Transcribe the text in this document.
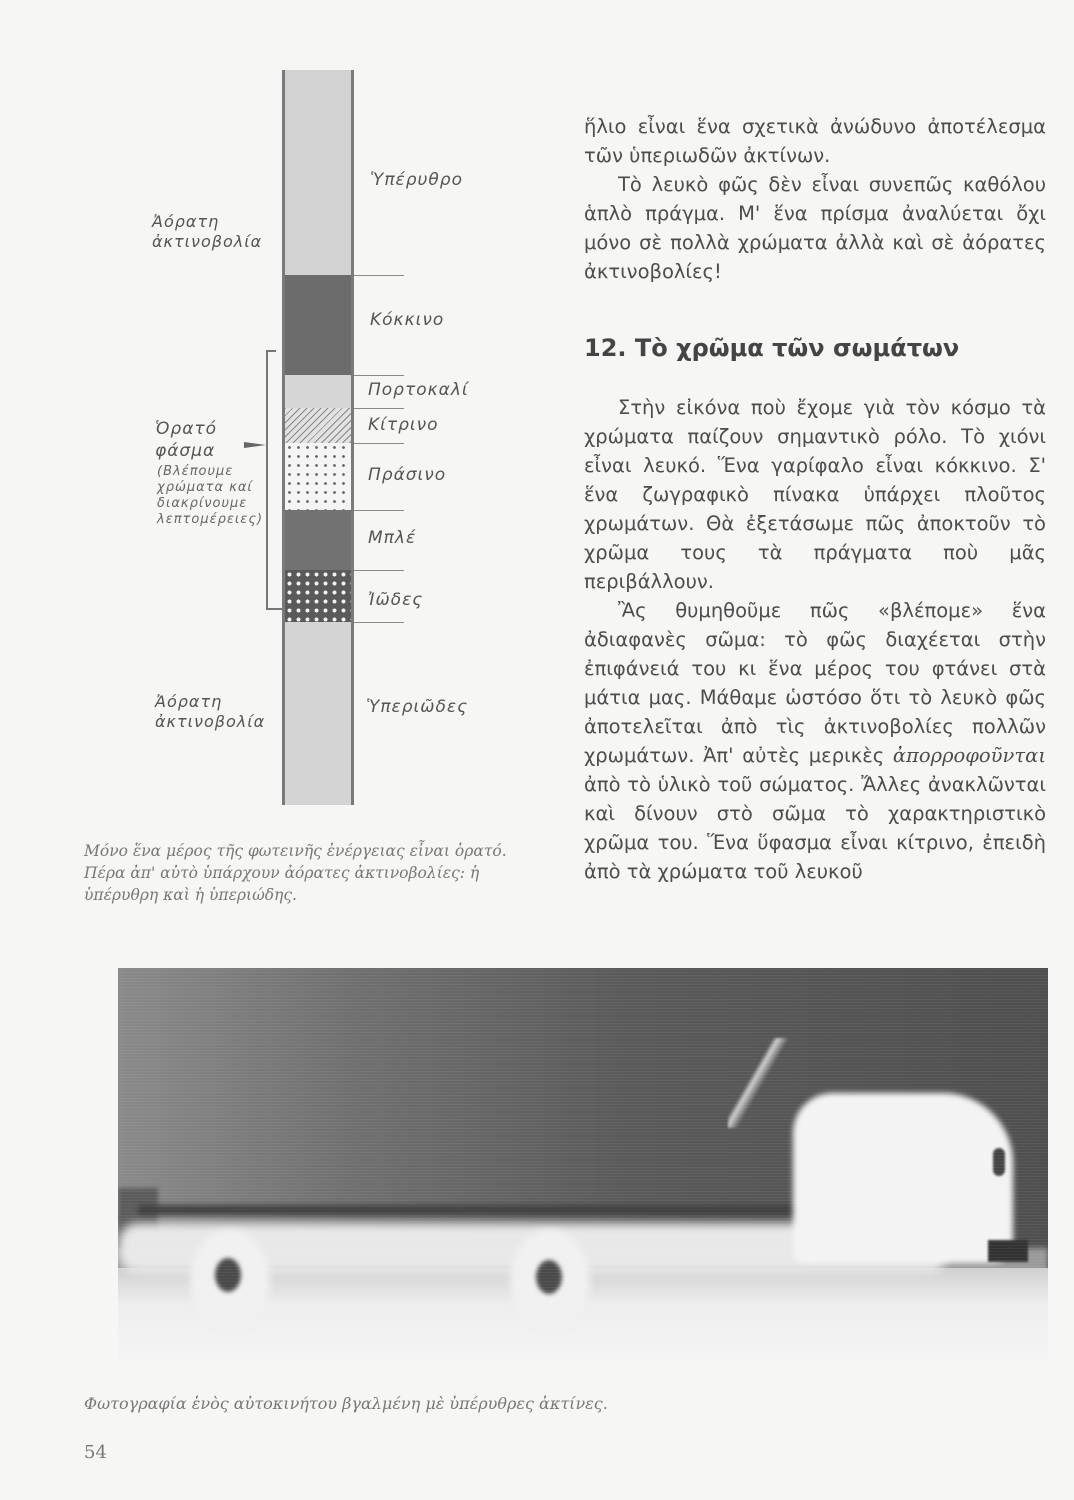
Ὑπέρυθρο
Κόκκινο
Πορτοκαλί
Κίτρινο
Πράσινο
Μπλέ
Ἰῶδες
Ὑπεριῶδες
Ἀόρατη
ἀκτινοβολία
Ὁρατό
φάσμα
(Βλέπουμε
χρώματα καί
διακρίνουμε
λεπτομέρειες)
Ἀόρατη
ἀκτινοβολία
Μόνο ἕνα μέρος τῆς φωτεινῆς ἐνέργειας εἶναι ὁρατό.
Πέρα ἀπ' αὐτὸ ὑπάρχουν ἀόρατες ἀκτινοβολίες: ἡ
ὑπέρυθρη καὶ ἡ ὑπεριώδης.

ἥλιο εἶναι ἕνα σχετικὰ ἀνώδυνο ἀποτέλεσμα τῶν ὑπεριωδῶν ἀκτίνων.

Τὸ λευκὸ φῶς δὲν εἶναι συνεπῶς καθόλου ἁπλὸ πράγμα. Μ' ἕνα πρίσμα ἀναλύεται ὄχι μόνο σὲ πολλὰ χρώματα ἀλλὰ καὶ σὲ ἀόρατες ἀκτινοβολίες!

12. Τὸ χρῶμα τῶν σωμάτων

Στὴν εἰκόνα ποὺ ἔχομε γιὰ τὸν κόσμο τὰ χρώματα παίζουν σημαντικὸ ρόλο. Τὸ χιόνι εἶναι λευκό. Ἕνα γαρίφαλο εἶναι κόκκινο. Σ' ἕνα ζωγραφικὸ πίνακα ὑπάρχει πλοῦτος χρωμάτων. Θὰ ἐξετάσωμε πῶς ἀποκτοῦν τὸ χρῶμα τους τὰ πράγματα ποὺ μᾶς περιβάλλουν.

Ἂς θυμηθοῦμε πῶς «βλέπομε» ἕνα ἀδιαφανὲς σῶμα: τὸ φῶς διαχέεται στὴν ἐπιφάνειά του κι ἕνα μέρος του φτάνει στὰ μάτια μας. Μάθαμε ὡστόσο ὅτι τὸ λευκὸ φῶς ἀποτελεῖται ἀπὸ τὶς ἀκτινοβολίες πολλῶν χρωμάτων. Ἀπ' αὐτὲς μερικὲς ἀπορροφοῦνται ἀπὸ τὸ ὑλικὸ τοῦ σώματος. Ἄλλες ἀνακλῶνται καὶ δίνουν στὸ σῶμα τὸ χαρακτηριστικὸ χρῶμα του. Ἕνα ὕφασμα εἶναι κίτρινο, ἐπειδὴ ἀπὸ τὰ χρώματα τοῦ λευκοῦ

Φωτογραφία ἑνὸς αὐτοκινήτου βγαλμένη μὲ ὑπέρυθρες ἀκτίνες.
54
